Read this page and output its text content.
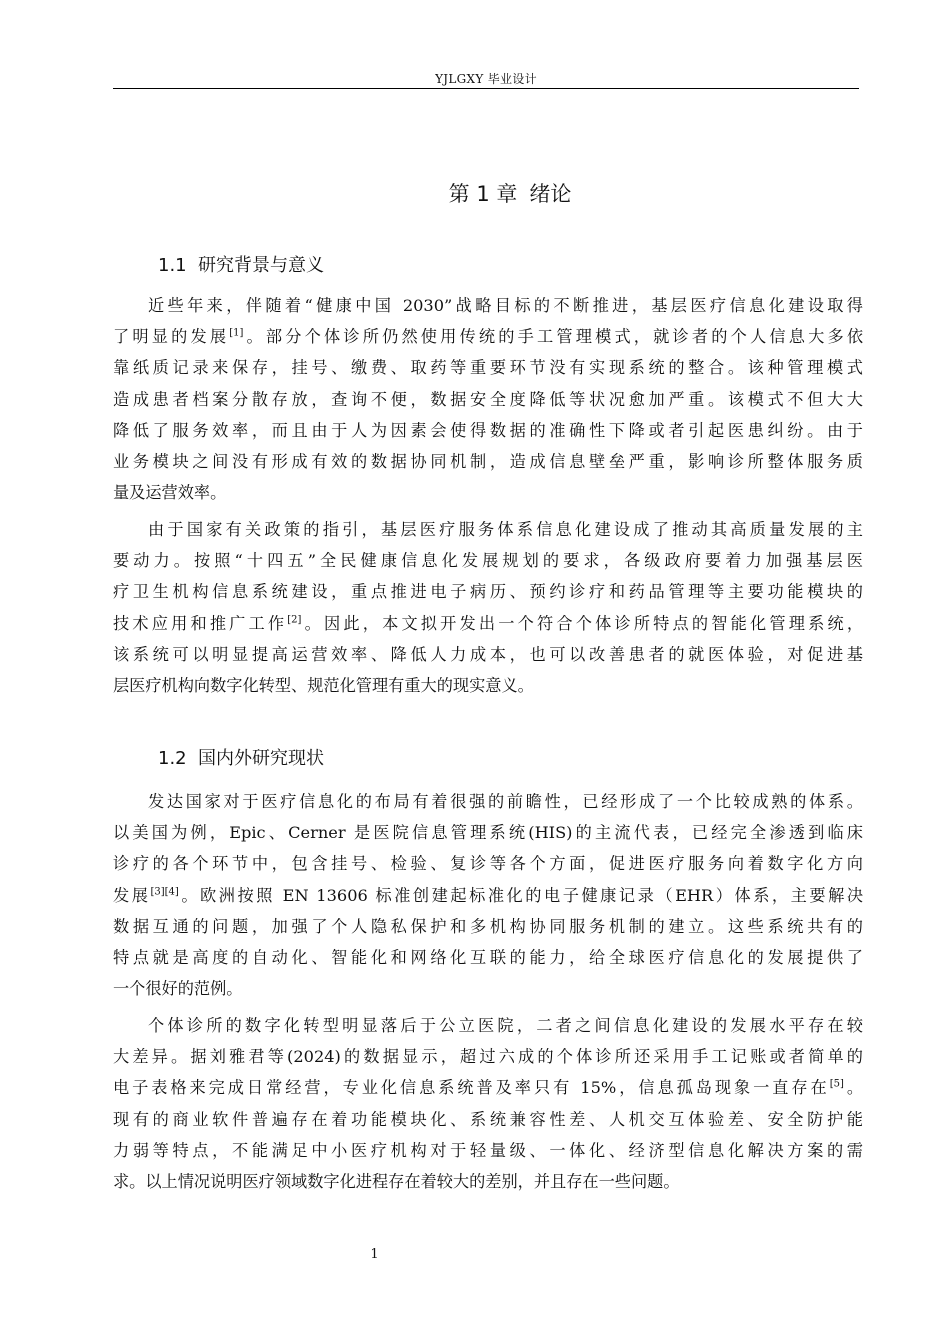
YJLGXY 毕业设计
第 1 章 绪论
1.1 研究背景与意义
近些年来，伴随着“健康中国 2030”战略目标的不断推进，基层医疗信息化建设取得
了明显的发展[1]。部分个体诊所仍然使用传统的手工管理模式，就诊者的个人信息大多依
靠纸质记录来保存，挂号、缴费、取药等重要环节没有实现系统的整合。该种管理模式
造成患者档案分散存放，查询不便，数据安全度降低等状况愈加严重。该模式不但大大
降低了服务效率，而且由于人为因素会使得数据的准确性下降或者引起医患纠纷。由于
业务模块之间没有形成有效的数据协同机制，造成信息壁垒严重，影响诊所整体服务质
量及运营效率。
由于国家有关政策的指引，基层医疗服务体系信息化建设成了推动其高质量发展的主
要动力。按照“十四五”全民健康信息化发展规划的要求，各级政府要着力加强基层医
疗卫生机构信息系统建设，重点推进电子病历、预约诊疗和药品管理等主要功能模块的
技术应用和推广工作[2]。因此，本文拟开发出一个符合个体诊所特点的智能化管理系统，
该系统可以明显提高运营效率、降低人力成本，也可以改善患者的就医体验，对促进基
层医疗机构向数字化转型、规范化管理有重大的现实意义。
1.2 国内外研究现状
发达国家对于医疗信息化的布局有着很强的前瞻性，已经形成了一个比较成熟的体系。
以美国为例，Epic、Cerner 是医院信息管理系统(HIS)的主流代表，已经完全渗透到临床
诊疗的各个环节中，包含挂号、检验、复诊等各个方面，促进医疗服务向着数字化方向
发展[3][4]。欧洲按照 EN 13606 标准创建起标准化的电子健康记录（EHR）体系，主要解决
数据互通的问题，加强了个人隐私保护和多机构协同服务机制的建立。这些系统共有的
特点就是高度的自动化、智能化和网络化互联的能力，给全球医疗信息化的发展提供了
一个很好的范例。
个体诊所的数字化转型明显落后于公立医院，二者之间信息化建设的发展水平存在较
大差异。据刘雅君等(2024)的数据显示，超过六成的个体诊所还采用手工记账或者简单的
电子表格来完成日常经营，专业化信息系统普及率只有 15%，信息孤岛现象一直存在[5]。
现有的商业软件普遍存在着功能模块化、系统兼容性差、人机交互体验差、安全防护能
力弱等特点，不能满足中小医疗机构对于轻量级、一体化、经济型信息化解决方案的需
求。以上情况说明医疗领域数字化进程存在着较大的差别，并且存在一些问题。
1
